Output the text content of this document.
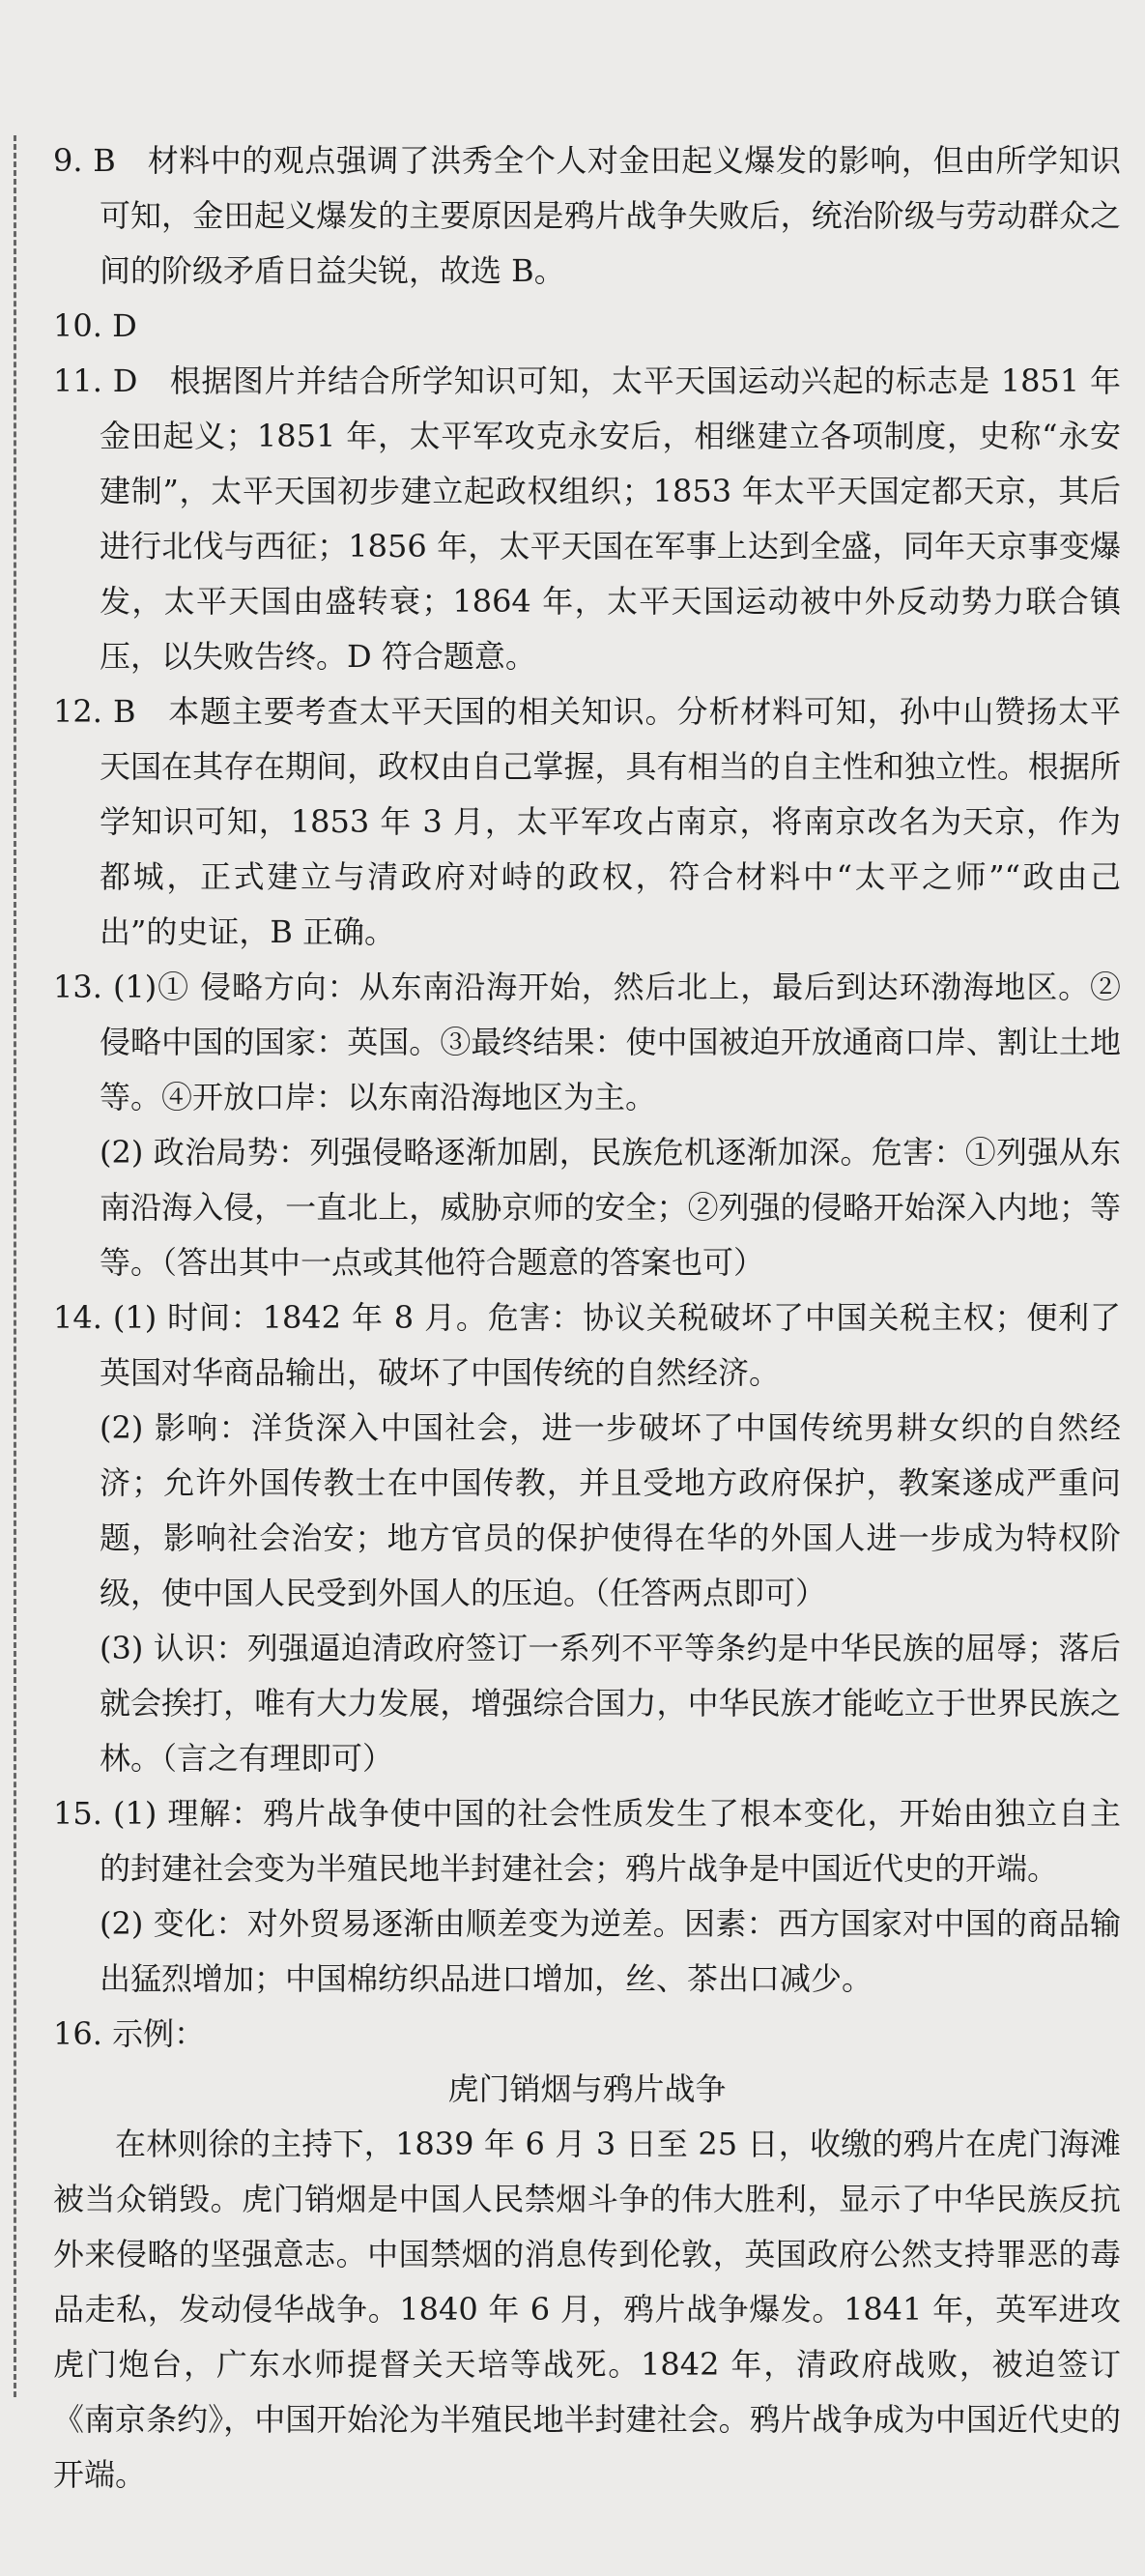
9. B　材料中的观点强调了洪秀全个人对金田起义爆发的影响，但由所学知识可知，金田起义爆发的主要原因是鸦片战争失败后，统治阶级与劳动群众之间的阶级矛盾日益尖锐，故选 B。

10. D

11. D　根据图片并结合所学知识可知，太平天国运动兴起的标志是 1851 年金田起义；1851 年，太平军攻克永安后，相继建立各项制度，史称“永安建制”，太平天国初步建立起政权组织；1853 年太平天国定都天京，其后进行北伐与西征；1856 年，太平天国在军事上达到全盛，同年天京事变爆发，太平天国由盛转衰；1864 年，太平天国运动被中外反动势力联合镇压，以失败告终。D 符合题意。

12. B　本题主要考查太平天国的相关知识。分析材料可知，孙中山赞扬太平天国在其存在期间，政权由自己掌握，具有相当的自主性和独立性。根据所学知识可知，1853 年 3 月，太平军攻占南京，将南京改名为天京，作为都城，正式建立与清政府对峙的政权，符合材料中“太平之师”“政由己出”的史证，B 正确。

13. (1)① 侵略方向：从东南沿海开始，然后北上，最后到达环渤海地区。②侵略中国的国家：英国。③最终结果：使中国被迫开放通商口岸、割让土地等。④开放口岸：以东南沿海地区为主。

(2) 政治局势：列强侵略逐渐加剧，民族危机逐渐加深。危害：①列强从东南沿海入侵，一直北上，威胁京师的安全；②列强的侵略开始深入内地；等等。（答出其中一点或其他符合题意的答案也可）

14. (1) 时间：1842 年 8 月。危害：协议关税破坏了中国关税主权；便利了英国对华商品输出，破坏了中国传统的自然经济。

(2) 影响：洋货深入中国社会，进一步破坏了中国传统男耕女织的自然经济；允许外国传教士在中国传教，并且受地方政府保护，教案遂成严重问题，影响社会治安；地方官员的保护使得在华的外国人进一步成为特权阶级，使中国人民受到外国人的压迫。（任答两点即可）

(3) 认识：列强逼迫清政府签订一系列不平等条约是中华民族的屈辱；落后就会挨打，唯有大力发展，增强综合国力，中华民族才能屹立于世界民族之林。（言之有理即可）

15. (1) 理解：鸦片战争使中国的社会性质发生了根本变化，开始由独立自主的封建社会变为半殖民地半封建社会；鸦片战争是中国近代史的开端。

(2) 变化：对外贸易逐渐由顺差变为逆差。因素：西方国家对中国的商品输出猛烈增加；中国棉纺织品进口增加，丝、茶出口减少。

16. 示例：

虎门销烟与鸦片战争

在林则徐的主持下，1839 年 6 月 3 日至 25 日，收缴的鸦片在虎门海滩被当众销毁。虎门销烟是中国人民禁烟斗争的伟大胜利，显示了中华民族反抗外来侵略的坚强意志。中国禁烟的消息传到伦敦，英国政府公然支持罪恶的毒品走私，发动侵华战争。1840 年 6 月，鸦片战争爆发。1841 年，英军进攻虎门炮台，广东水师提督关天培等战死。1842 年，清政府战败，被迫签订《南京条约》，中国开始沦为半殖民地半封建社会。鸦片战争成为中国近代史的开端。
